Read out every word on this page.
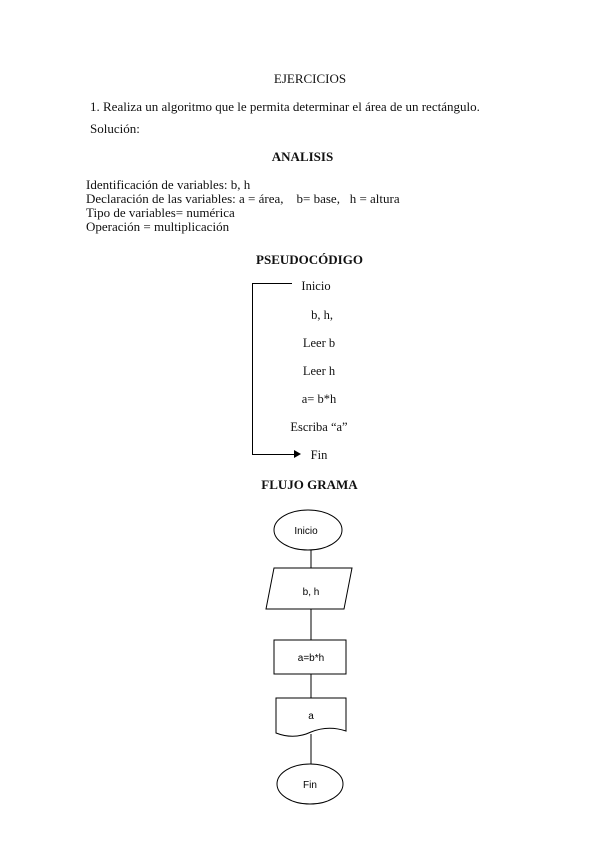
EJERCICIOS
1. Realiza un algoritmo que le permita determinar el área de un rectángulo.
Solución:
ANALISIS
Identificación de variables: b, h
Declaración de las variables: a = área,    b= base,   h = altura
Tipo de variables= numérica
Operación = multiplicación
PSEUDOCÓDIGO
Inicio
b, h,
Leer b
Leer h
a= b*h
Escriba “a”
Fin
FLUJO GRAMA
Inicio
b, h
a=b*h
a
Fin
